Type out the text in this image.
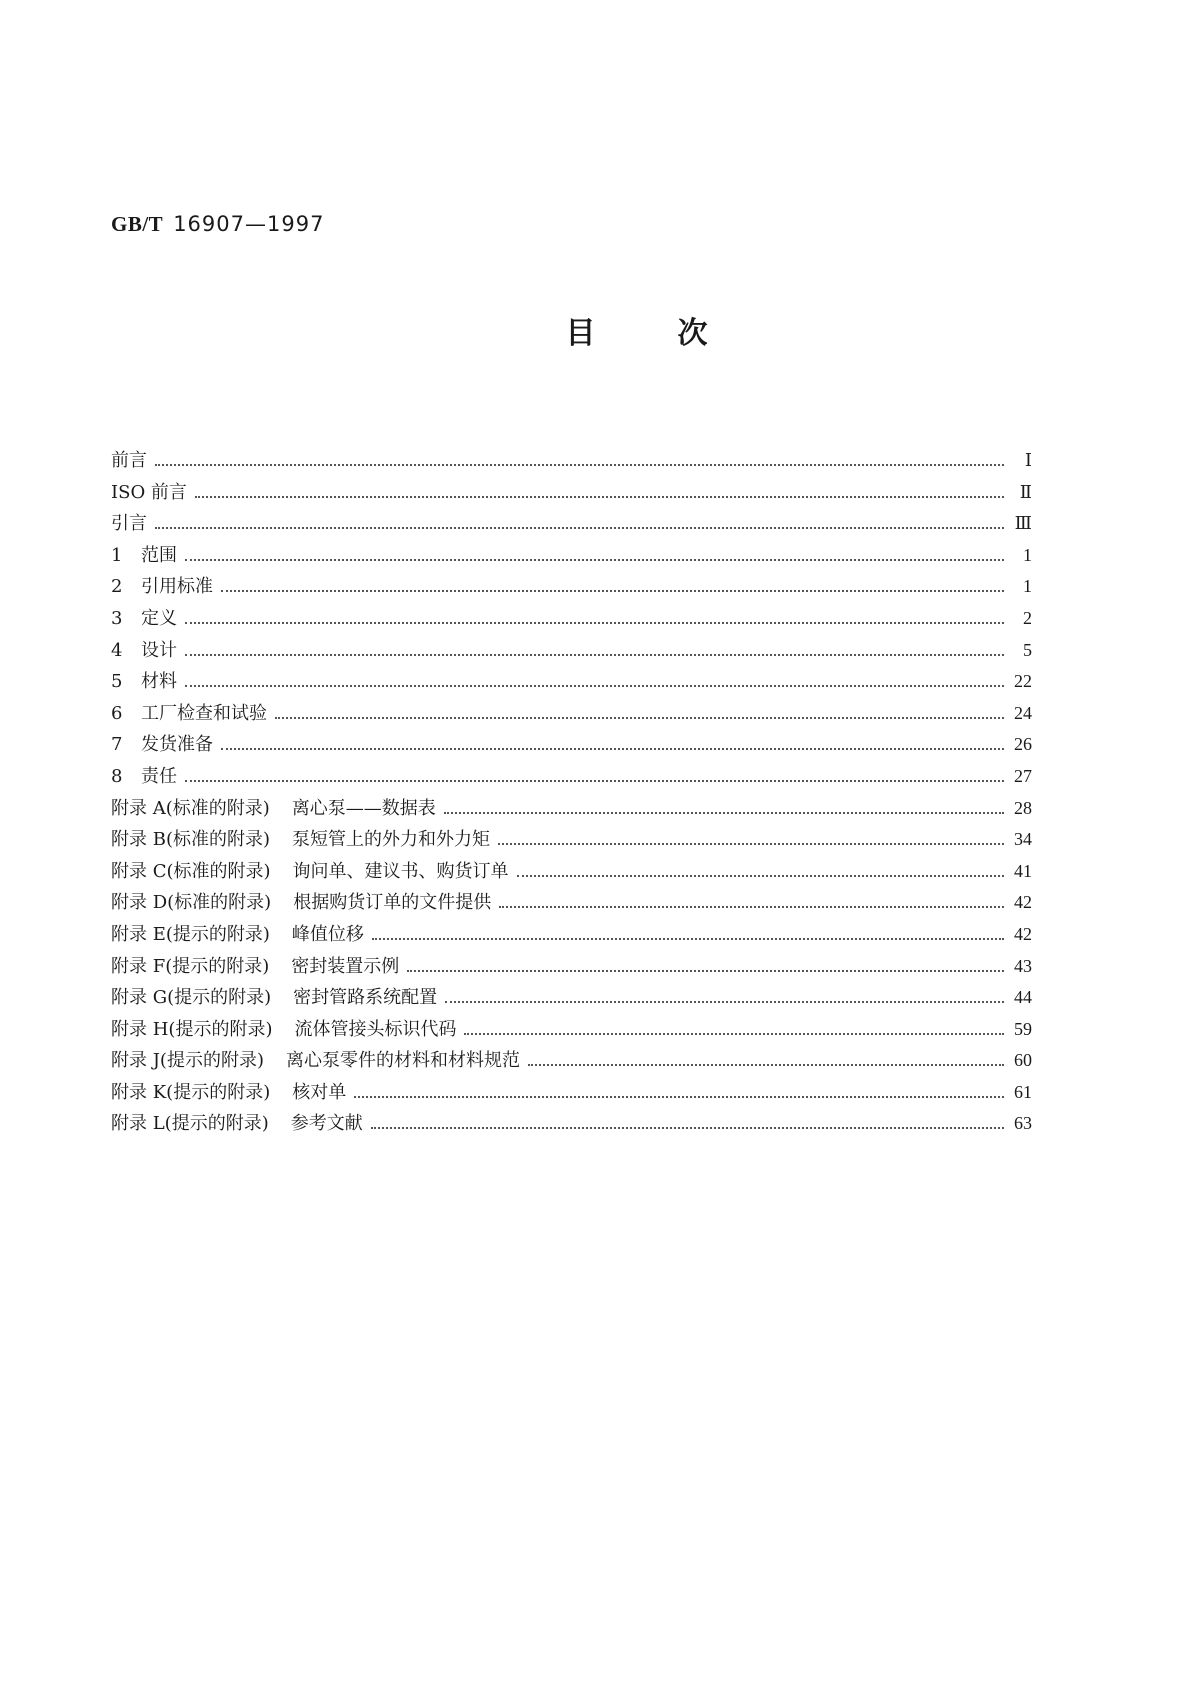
GB/T 16907—1997
目次
前言	Ⅰ
ISO 前言	Ⅱ
引言	Ⅲ
1 范围	1
2 引用标准	1
3 定义	2
4 设计	5
5 材料	22
6 工厂检查和试验	24
7 发货准备	26
8 责任	27
附录 A(标准的附录) 离心泵——数据表	28
附录 B(标准的附录) 泵短管上的外力和外力矩	34
附录 C(标准的附录) 询问单、建议书、购货订单	41
附录 D(标准的附录) 根据购货订单的文件提供	42
附录 E(提示的附录) 峰值位移	42
附录 F(提示的附录) 密封装置示例	43
附录 G(提示的附录) 密封管路系统配置	44
附录 H(提示的附录) 流体管接头标识代码	59
附录 J(提示的附录) 离心泵零件的材料和材料规范	60
附录 K(提示的附录) 核对单	61
附录 L(提示的附录) 参考文献	63
